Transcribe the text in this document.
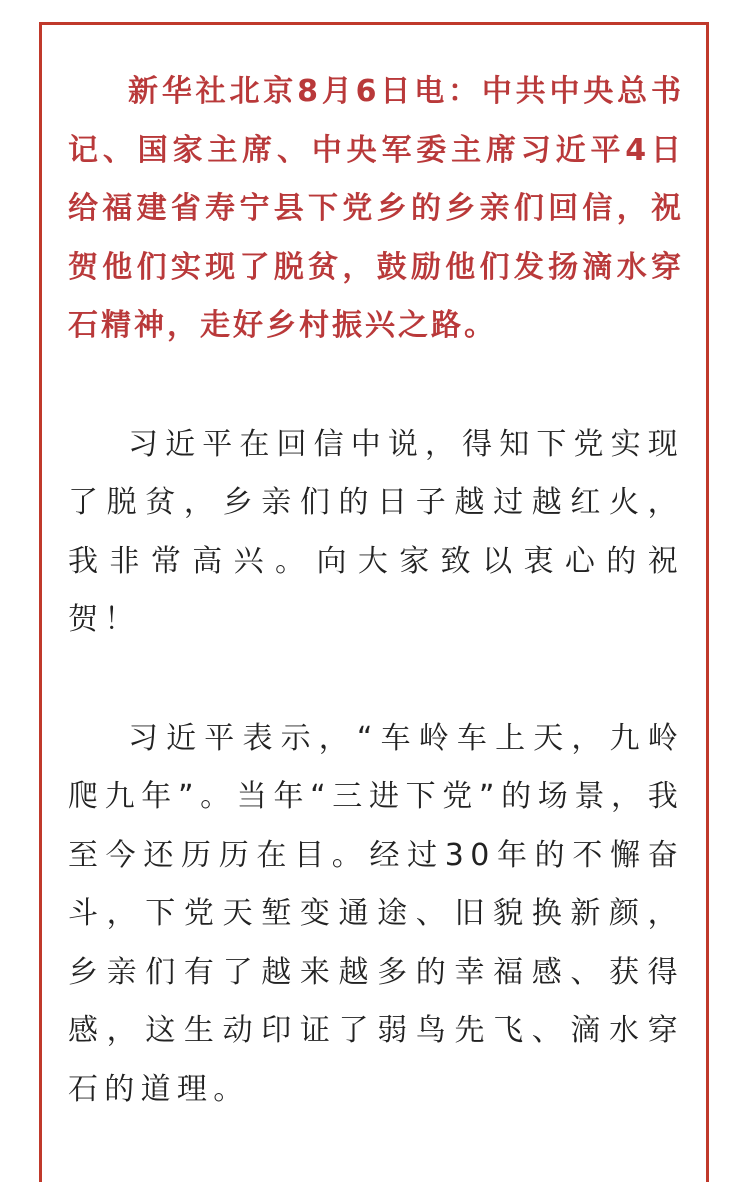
新华社北京8月6日电：中共中央总书记、国家主席、中央军委主席习近平4日给福建省寿宁县下党乡的乡亲们回信，祝贺他们实现了脱贫，鼓励他们发扬滴水穿石精神，走好乡村振兴之路。

习近平在回信中说，得知下党实现了脱贫，乡亲们的日子越过越红火，我非常高兴。向大家致以衷心的祝贺！

习近平表示，“车岭车上天，九岭爬九年”。当年“三进下党”的场景，我至今还历历在目。经过30年的不懈奋斗，下党天堑变通途、旧貌换新颜，乡亲们有了越来越多的幸福感、获得感，这生动印证了弱鸟先飞、滴水穿石的道理。
